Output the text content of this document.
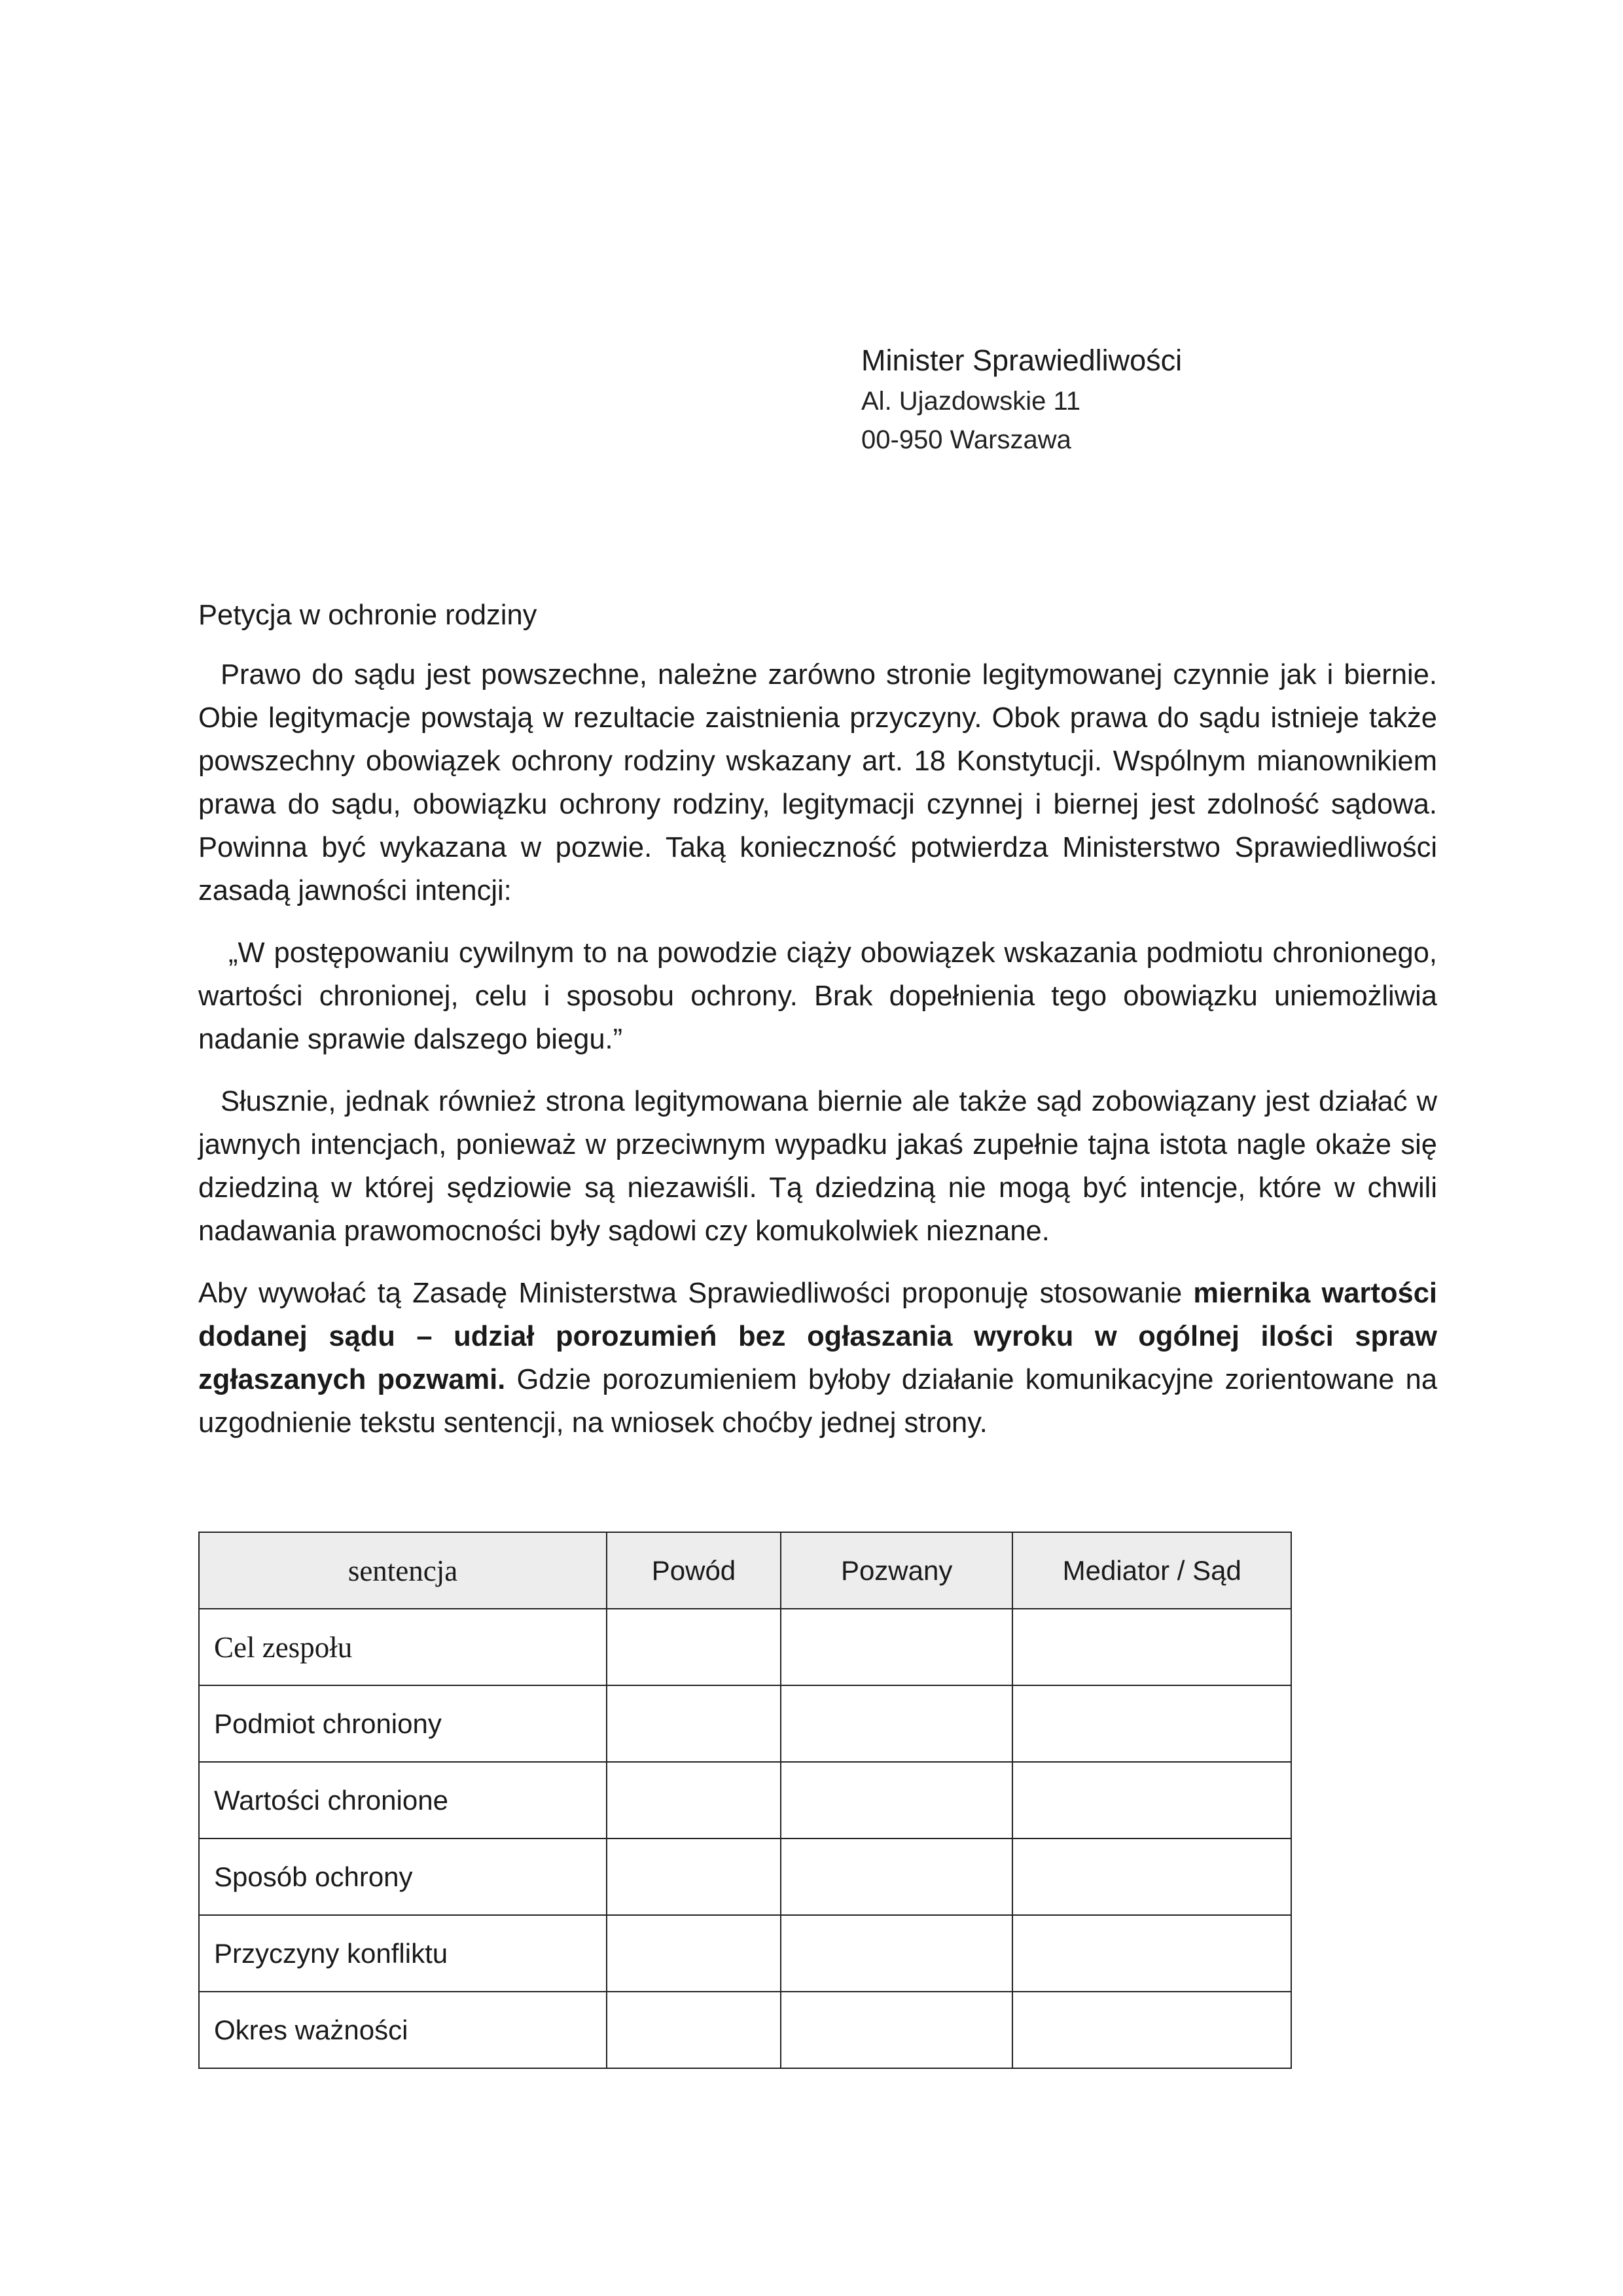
Minister Sprawiedliwości
Al. Ujazdowskie 11
00-950 Warszawa

Petycja w ochronie rodziny

Prawo do sądu jest powszechne, należne zarówno stronie legitymowanej czynnie jak i biernie. Obie legitymacje powstają w rezultacie zaistnienia przyczyny. Obok prawa do sądu istnieje także powszechny obowiązek ochrony rodziny wskazany art. 18 Konstytucji. Wspólnym mianownikiem prawa do sądu, obowiązku ochrony rodziny, legitymacji czynnej i biernej jest zdolność sądowa. Powinna być wykazana w pozwie. Taką konieczność potwierdza Ministerstwo Sprawiedliwości zasadą jawności intencji:

„W postępowaniu cywilnym to na powodzie ciąży obowiązek wskazania podmiotu chronionego, wartości chronionej, celu i sposobu ochrony. Brak dopełnienia tego obowiązku uniemożliwia nadanie sprawie dalszego biegu.”

Słusznie, jednak również strona legitymowana biernie ale także sąd zobowiązany jest działać w jawnych intencjach, ponieważ w przeciwnym wypadku jakaś zupełnie tajna istota nagle okaże się dziedziną w której sędziowie są niezawiśli. Tą dziedziną nie mogą być intencje, które w chwili nadawania prawomocności były sądowi czy komukolwiek nieznane.

Aby wywołać tą Zasadę Ministerstwa Sprawiedliwości proponuję stosowanie miernika wartości dodanej sądu – udział porozumień bez ogłaszania wyroku w ogólnej ilości spraw zgłaszanych pozwami. Gdzie porozumieniem byłoby działanie komunikacyjne zorientowane na uzgodnienie tekstu sentencji, na wniosek choćby jednej strony.

sentencja	Powód	Pozwany	Mediator / Sąd
Cel zespołu			
Podmiot chroniony			
Wartości chronione			
Sposób ochrony			
Przyczyny konfliktu			
Okres ważności			
